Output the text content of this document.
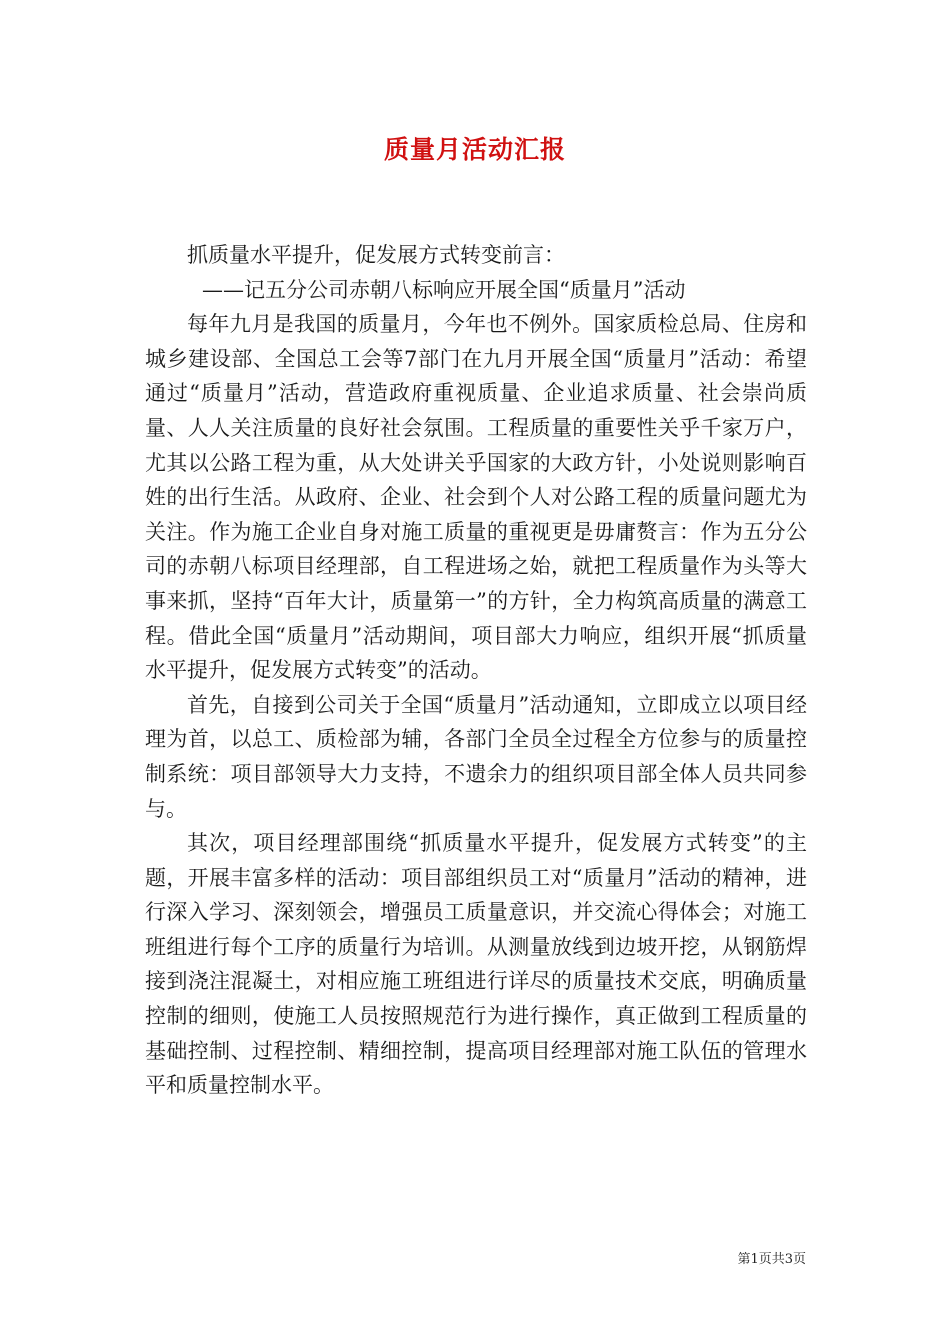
质量月活动汇报

抓质量水平提升，促发展方式转变前言：

——记五分公司赤朝八标响应开展全国“质量月”活动

每年九月是我国的质量月，今年也不例外。国家质检总局、住房和城乡建设部、全国总工会等7部门在九月开展全国“质量月”活动：希望通过“质量月”活动，营造政府重视质量、企业追求质量、社会崇尚质量、人人关注质量的良好社会氛围。工程质量的重要性关乎千家万户，尤其以公路工程为重，从大处讲关乎国家的大政方针，小处说则影响百姓的出行生活。从政府、企业、社会到个人对公路工程的质量问题尤为关注。作为施工企业自身对施工质量的重视更是毋庸赘言：作为五分公司的赤朝八标项目经理部，自工程进场之始，就把工程质量作为头等大事来抓，坚持“百年大计，质量第一”的方针，全力构筑高质量的满意工程。借此全国“质量月”活动期间，项目部大力响应，组织开展“抓质量水平提升，促发展方式转变”的活动。

首先，自接到公司关于全国“质量月”活动通知，立即成立以项目经理为首，以总工、质检部为辅，各部门全员全过程全方位参与的质量控制系统：项目部领导大力支持，不遗余力的组织项目部全体人员共同参与。

其次，项目经理部围绕“抓质量水平提升，促发展方式转变”的主题，开展丰富多样的活动：项目部组织员工对“质量月”活动的精神，进行深入学习、深刻领会，增强员工质量意识，并交流心得体会；对施工班组进行每个工序的质量行为培训。从测量放线到边坡开挖，从钢筋焊接到浇注混凝土，对相应施工班组进行详尽的质量技术交底，明确质量控制的细则，使施工人员按照规范行为进行操作，真正做到工程质量的基础控制、过程控制、精细控制，提高项目经理部对施工队伍的管理水平和质量控制水平。

第1页共3页
